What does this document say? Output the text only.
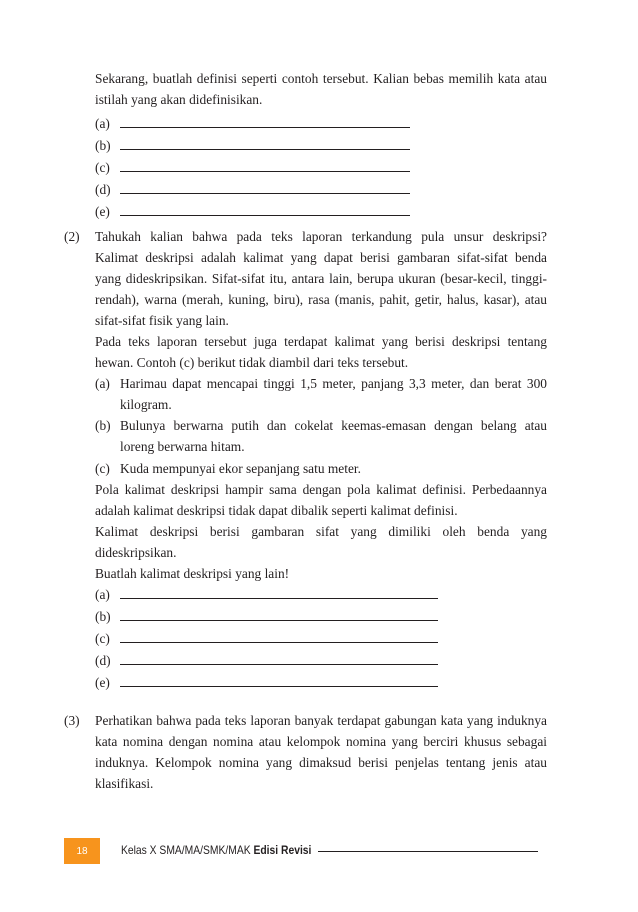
Sekarang, buatlah definisi seperti contoh tersebut. Kalian bebas memilih kata atau
istilah yang akan didefinisikan.
(a)
(b)
(c)
(d)
(e)
(2) Tahukah kalian bahwa pada teks laporan terkandung pula unsur deskripsi?
Kalimat deskripsi adalah kalimat yang dapat berisi gambaran sifat-sifat benda
yang dideskripsikan. Sifat-sifat itu, antara lain, berupa ukuran (besar-kecil, tinggi-
rendah), warna (merah, kuning, biru), rasa (manis, pahit, getir, halus, kasar), atau
sifat-sifat fisik yang lain.
Pada teks laporan tersebut juga terdapat kalimat yang berisi deskripsi tentang
hewan. Contoh (c) berikut tidak diambil dari teks tersebut.
(a) Harimau dapat mencapai tinggi 1,5 meter, panjang 3,3 meter, dan berat 300
kilogram.
(b) Bulunya berwarna putih dan cokelat keemas-emasan dengan belang atau
loreng berwarna hitam.
(c) Kuda mempunyai ekor sepanjang satu meter.
Pola kalimat deskripsi hampir sama dengan pola kalimat definisi. Perbedaannya
adalah kalimat deskripsi tidak dapat dibalik seperti kalimat definisi.
Kalimat deskripsi berisi gambaran sifat yang dimiliki oleh benda yang
dideskripsikan.
Buatlah kalimat deskripsi yang lain!
(a)
(b)
(c)
(d)
(e)
(3) Perhatikan bahwa pada teks laporan banyak terdapat gabungan kata yang induknya
kata nomina dengan nomina atau kelompok nomina yang berciri khusus sebagai
induknya. Kelompok nomina yang dimaksud berisi penjelas tentang jenis atau
klasifikasi.
18	Kelas X SMA/MA/SMK/MAK Edisi Revisi
